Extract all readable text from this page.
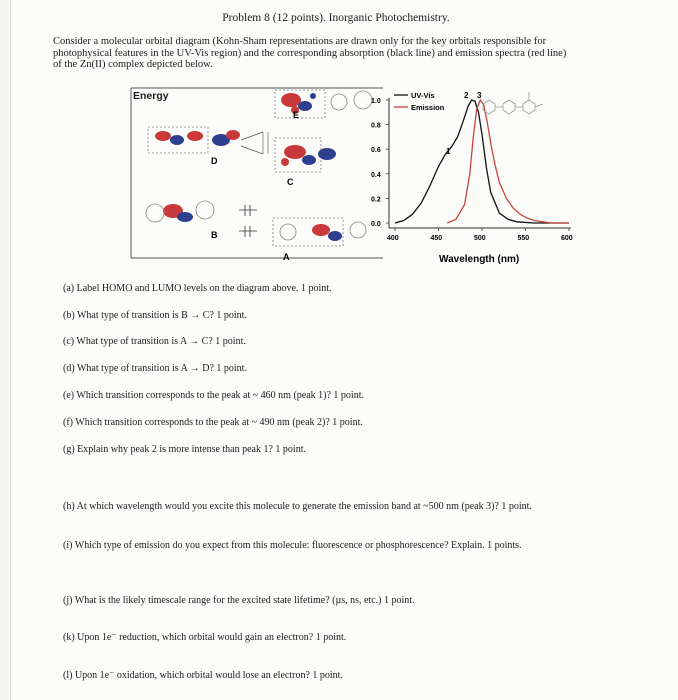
Problem 8 (12 points). Inorganic Photochemistry.
Consider a molecular orbital diagram (Kohn-Sham representations are drawn only for the key orbitals responsible for
photophysical features in the UV-Vis region) and the corresponding absorption (black line) and emission spectra (red line)
of the Zn(II) complex depicted below.
E
D
C
B
A
0.0
0.2
0.4
0.6
0.8
1.0
400	450	500	550	600
UV-Vis
Emission
1
2 3
Wavelength (nm)
Energy
(a) Label HOMO and LUMO levels on the diagram above. 1 point.
(b) What type of transition is B → C? 1 point.
(c) What type of transition is A → C? 1 point.
(d) What type of transition is A → D? 1 point.
(e) Which transition corresponds to the peak at ~ 460 nm (peak 1)? 1 point.
(f) Which transition corresponds to the peak at ~ 490 nm (peak 2)? 1 point.
(g) Explain why peak 2 is more intense than peak 1? 1 point.
(h) At which wavelength would you excite this molecule to generate the emission band at ~500 nm (peak 3)? 1 point.
(i) Which type of emission do you expect from this molecule: fluorescence or phosphorescence? Explain. 1 points.
(j) What is the likely timescale range for the excited state lifetime? (µs, ns, etc.) 1 point.
(k) Upon 1e⁻ reduction, which orbital would gain an electron? 1 point.
(l) Upon 1e⁻ oxidation, which orbital would lose an electron? 1 point.
